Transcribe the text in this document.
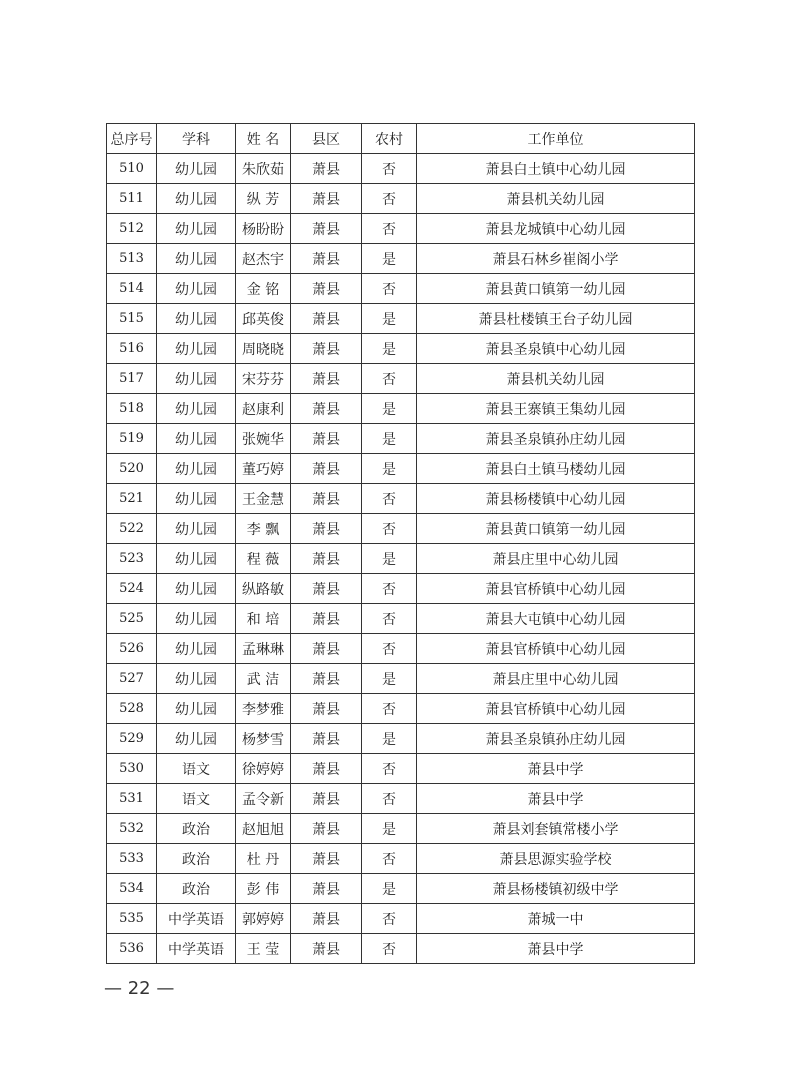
总序号	学科	姓 名	县区	农村	工作单位
510	幼儿园	朱欣茹	萧县	否	萧县白土镇中心幼儿园
511	幼儿园	纵 芳	萧县	否	萧县机关幼儿园
512	幼儿园	杨盼盼	萧县	否	萧县龙城镇中心幼儿园
513	幼儿园	赵杰宇	萧县	是	萧县石林乡崔阁小学
514	幼儿园	金 铭	萧县	否	萧县黄口镇第一幼儿园
515	幼儿园	邱英俊	萧县	是	萧县杜楼镇王台子幼儿园
516	幼儿园	周晓晓	萧县	是	萧县圣泉镇中心幼儿园
517	幼儿园	宋芬芬	萧县	否	萧县机关幼儿园
518	幼儿园	赵康利	萧县	是	萧县王寨镇王集幼儿园
519	幼儿园	张婉华	萧县	是	萧县圣泉镇孙庄幼儿园
520	幼儿园	董巧婷	萧县	是	萧县白土镇马楼幼儿园
521	幼儿园	王金慧	萧县	否	萧县杨楼镇中心幼儿园
522	幼儿园	李 飘	萧县	否	萧县黄口镇第一幼儿园
523	幼儿园	程 薇	萧县	是	萧县庄里中心幼儿园
524	幼儿园	纵路敏	萧县	否	萧县官桥镇中心幼儿园
525	幼儿园	和 培	萧县	否	萧县大屯镇中心幼儿园
526	幼儿园	孟琳琳	萧县	否	萧县官桥镇中心幼儿园
527	幼儿园	武 洁	萧县	是	萧县庄里中心幼儿园
528	幼儿园	李梦雅	萧县	否	萧县官桥镇中心幼儿园
529	幼儿园	杨梦雪	萧县	是	萧县圣泉镇孙庄幼儿园
530	语文	徐婷婷	萧县	否	萧县中学
531	语文	孟令新	萧县	否	萧县中学
532	政治	赵旭旭	萧县	是	萧县刘套镇常楼小学
533	政治	杜 丹	萧县	否	萧县思源实验学校
534	政治	彭 伟	萧县	是	萧县杨楼镇初级中学
535	中学英语	郭婷婷	萧县	否	萧城一中
536	中学英语	王 莹	萧县	否	萧县中学
— 22 —
